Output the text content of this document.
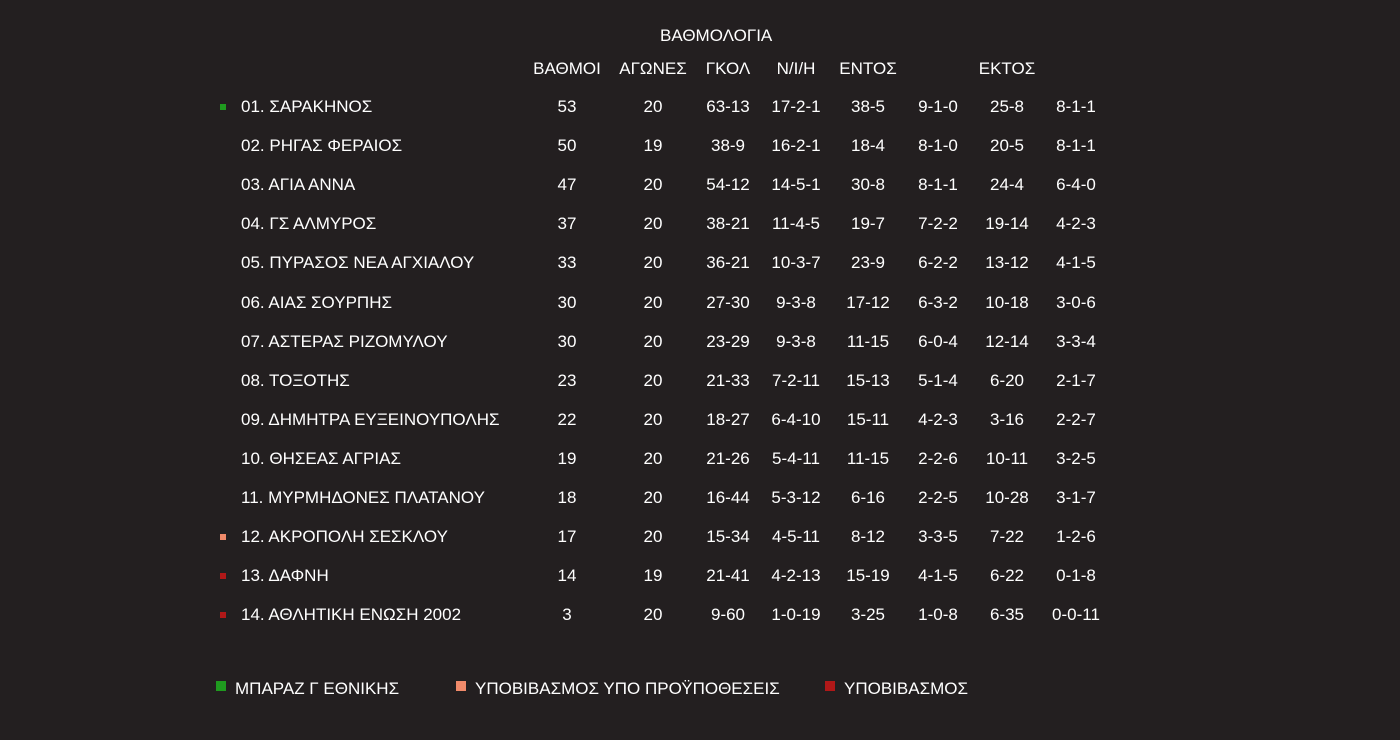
ΒΑΘΜΟΛΟΓΙΑ
ΒΑΘΜΟΙ ΑΓΩΝΕΣ ΓΚΟΛ Ν/Ι/Η ΕΝΤΟΣ	ΕΚΤΟΣ
01. ΣΑΡΑΚΗΝΟΣ	53	20	63-13 17-2-1 38-5 9-1-0 25-8 8-1-1
02. ΡΗΓΑΣ ΦΕΡΑΙΟΣ	50	19	38-9 16-2-1 18-4 8-1-0 20-5 8-1-1
03. ΑΓΙΑ ΑΝΝΑ	47	20	54-12 14-5-1 30-8 8-1-1 24-4 6-4-0
04. ΓΣ ΑΛΜΥΡΟΣ	37	20	38-21 11-4-5 19-7 7-2-2 19-14 4-2-3
05. ΠΥΡΑΣΟΣ ΝΕΑ ΑΓΧΙΑΛΟΥ	33	20	36-21 10-3-7 23-9 6-2-2 13-12 4-1-5
06. ΑΙΑΣ ΣΟΥΡΠΗΣ	30	20	27-30 9-3-8 17-12 6-3-2 10-18 3-0-6
07. ΑΣΤΕΡΑΣ ΡΙΖΟΜΥΛΟΥ	30	20	23-29 9-3-8 11-15 6-0-4 12-14 3-3-4
08. ΤΟΞΟΤΗΣ	23	20	21-33 7-2-11 15-13 5-1-4 6-20 2-1-7
09. ΔΗΜΗΤΡΑ ΕΥΞΕΙΝΟΥΠΟΛΗΣ	22	20	18-27 6-4-10 15-11 4-2-3 3-16 2-2-7
10. ΘΗΣΕΑΣ ΑΓΡΙΑΣ	19	20	21-26 5-4-11 11-15 2-2-6 10-11 3-2-5
11. ΜΥΡΜΗΔΟΝΕΣ ΠΛΑΤΑΝΟΥ	18	20	16-44 5-3-12 6-16 2-2-5 10-28 3-1-7
12. ΑΚΡΟΠΟΛΗ ΣΕΣΚΛΟΥ	17	20	15-34 4-5-11 8-12 3-3-5 7-22 1-2-6
13. ΔΑΦΝΗ	14	19	21-41 4-2-13 15-19 4-1-5 6-22 0-1-8
14. ΑΘΛΗΤΙΚΗ ΕΝΩΣΗ 2002	3	20	9-60 1-0-19 3-25 1-0-8 6-35 0-0-11
ΜΠΑΡΑΖ Γ ΕΘΝΙΚΗΣ	ΥΠΟΒΙΒΑΣΜΟΣ ΥΠΟ ΠΡΟΫΠΟΘΕΣΕΙΣ	ΥΠΟΒΙΒΑΣΜΟΣ
